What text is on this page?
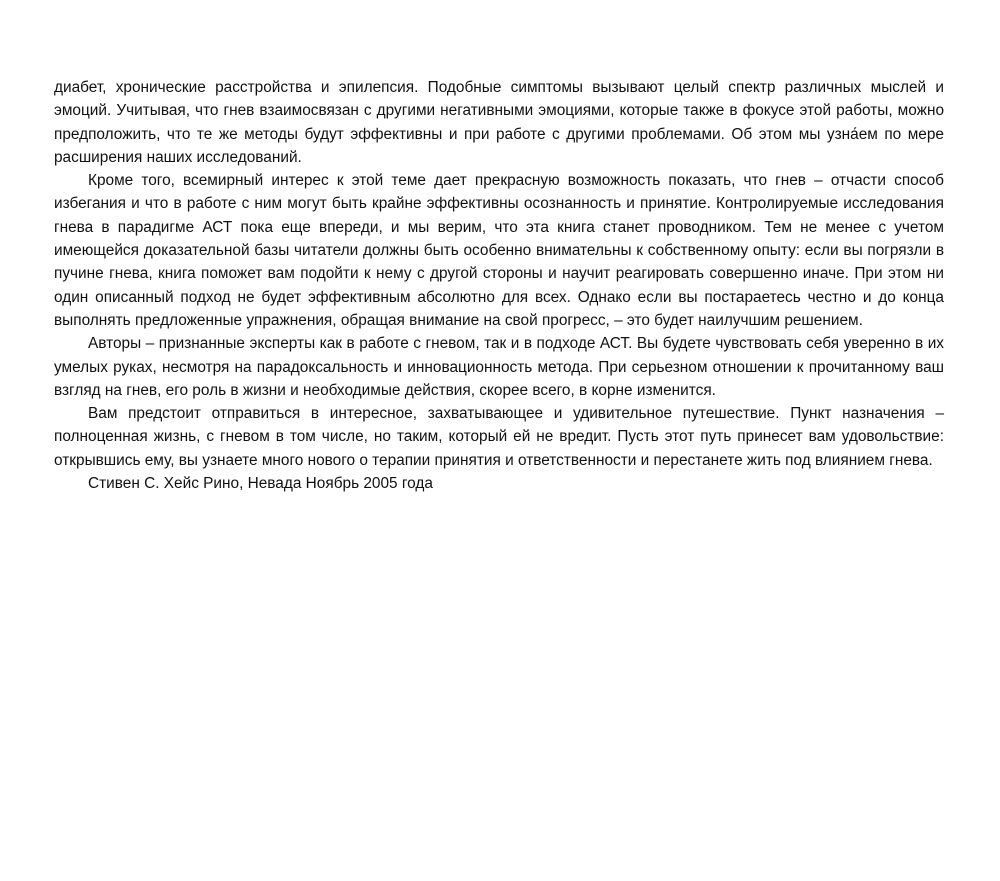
диабет, хронические расстройства и эпилепсия. Подобные симптомы вызывают целый спектр различных мыслей и эмоций. Учитывая, что гнев взаимосвязан с другими негативными эмоциями, которые также в фокусе этой работы, можно предположить, что те же методы будут эффективны и при работе с другими проблемами. Об этом мы узна́ем по мере расширения наших исследований.

Кроме того, всемирный интерес к этой теме дает прекрасную возможность показать, что гнев – отчасти способ избегания и что в работе с ним могут быть крайне эффективны осознанность и принятие. Контролируемые исследования гнева в парадигме АСТ пока еще впереди, и мы верим, что эта книга станет проводником. Тем не менее с учетом имеющейся доказательной базы читатели должны быть особенно внимательны к собственному опыту: если вы погрязли в пучине гнева, книга поможет вам подойти к нему с другой стороны и научит реагировать совершенно иначе. При этом ни один описанный подход не будет эффективным абсолютно для всех. Однако если вы постараетесь честно и до конца выполнять предложенные упражнения, обращая внимание на свой прогресс, – это будет наилучшим решением.

Авторы – признанные эксперты как в работе с гневом, так и в подходе АСТ. Вы будете чувствовать себя уверенно в их умелых руках, несмотря на парадоксальность и инновационность метода. При серьезном отношении к прочитанному ваш взгляд на гнев, его роль в жизни и необходимые действия, скорее всего, в корне изменится.

Вам предстоит отправиться в интересное, захватывающее и удивительное путешествие. Пункт назначения – полноценная жизнь, с гневом в том числе, но таким, который ей не вредит. Пусть этот путь принесет вам удовольствие: открывшись ему, вы узнаете много нового о терапии принятия и ответственности и перестанете жить под влиянием гнева.

Стивен С. Хейс Рино, Невада Ноябрь 2005 года
